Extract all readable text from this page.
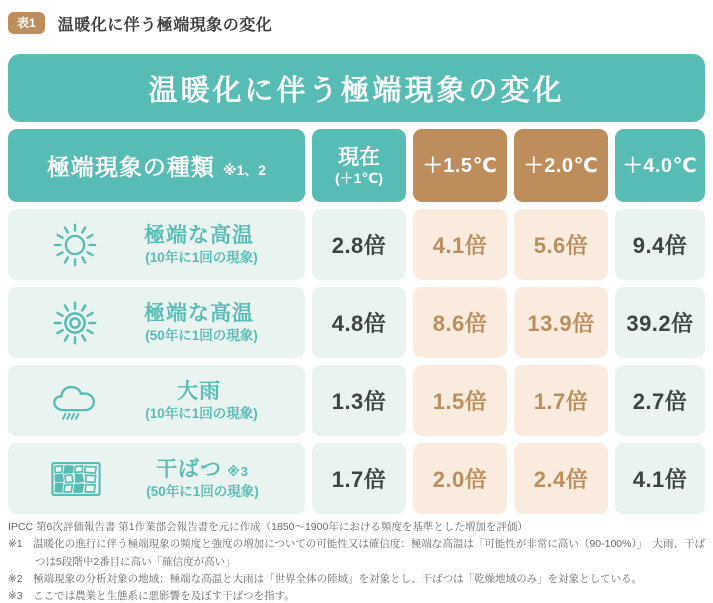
表1	温暖化に伴う極端現象の変化
温暖化に伴う極端現象の変化
極端現象の種類 ※1、2
現在
(＋1℃)
＋1.5℃ ＋2.0℃ ＋4.0℃
極端な高温
(10年に1回の現象)	2.8倍	4.1倍	5.6倍	9.4倍
極端な高温
(50年に1回の現象)	4.8倍	8.6倍	13.9倍	39.2倍
大雨
(10年に1回の現象)	1.3倍	1.5倍	1.7倍	2.7倍
干ばつ ※3
(50年に1回の現象)	1.7倍	2.0倍	2.4倍	4.1倍

IPCC 第6次評価報告書 第1作業部会報告書を元に作成（1850～1900年における頻度を基準とした増加を評価）

※1　温暖化の進行に伴う極端現象の頻度と強度の増加についての可能性又は確信度：極端な高温は「可能性が非常に高い（90-100%）」　大雨、干ばつは5段階中2番目に高い「確信度が高い」

※2　極端現象の分析対象の地域：極端な高温と大雨は「世界全体の陸域」を対象とし、干ばつは「乾燥地域のみ」を対象としている。

※3　ここでは農業と生態系に悪影響を及ぼす干ばつを指す。
